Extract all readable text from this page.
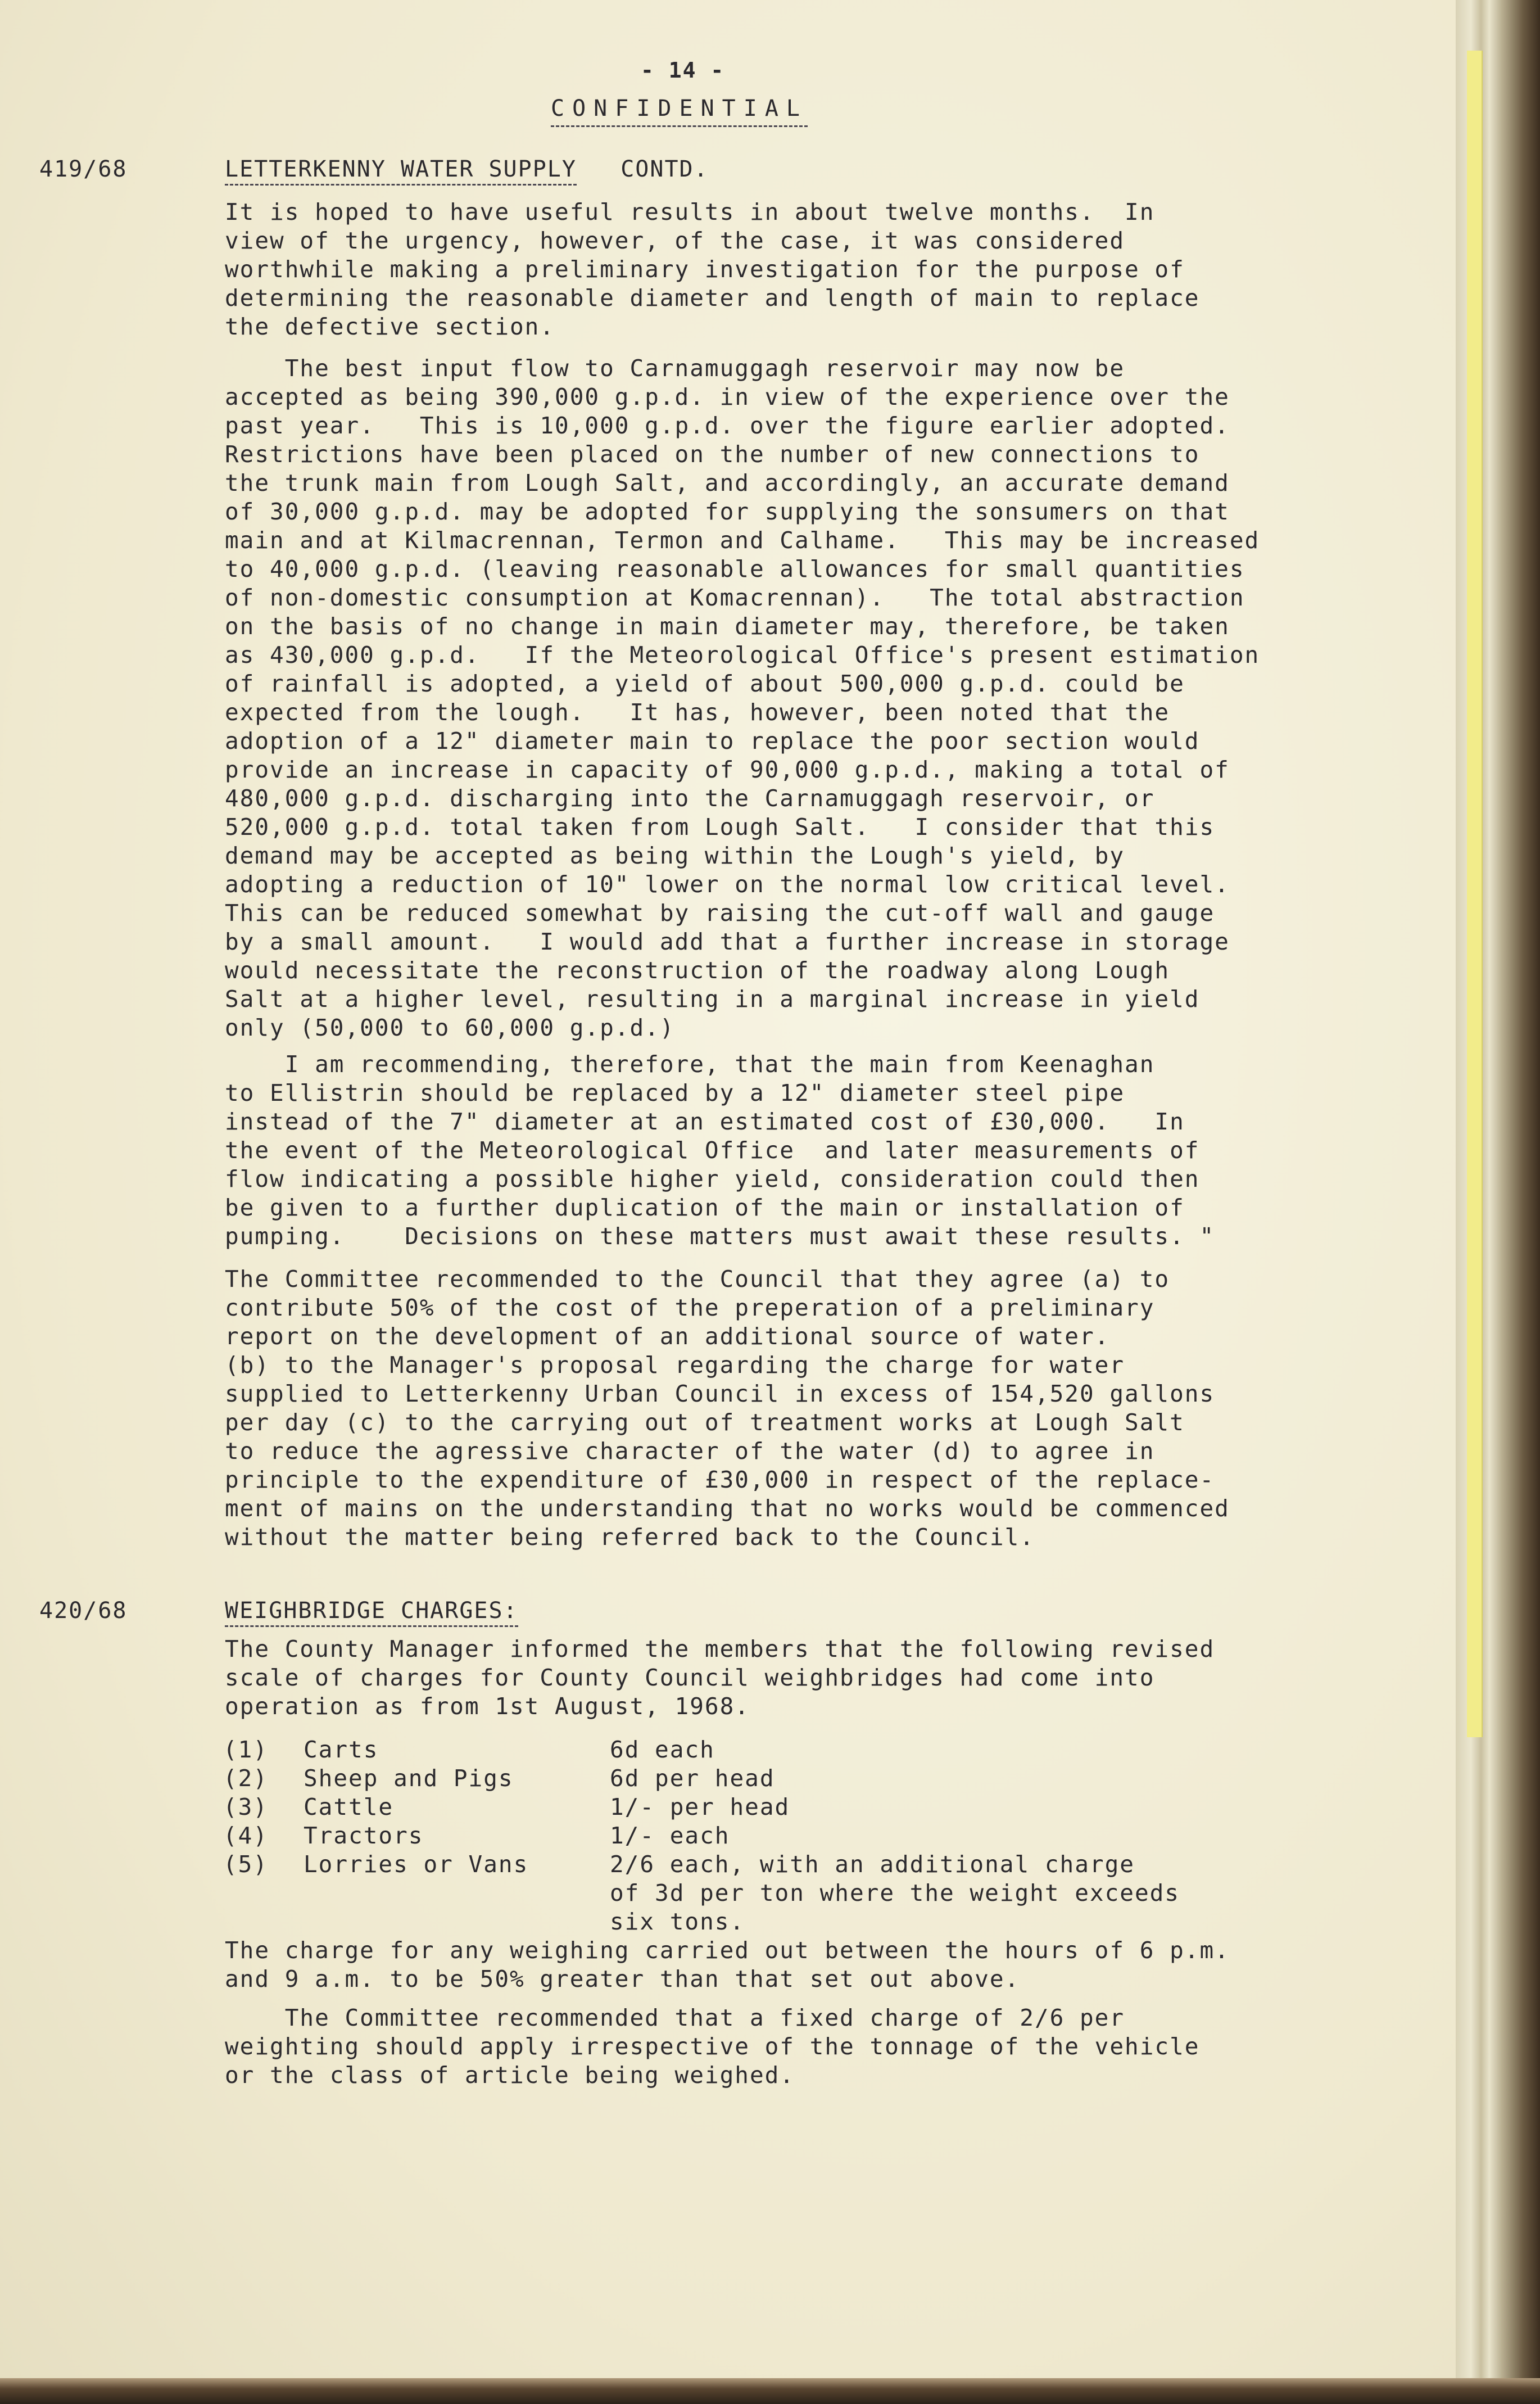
- 14 -

CONFIDENTIAL

419/68	LETTERKENNY WATER SUPPLY CONTD.

It is hoped to have useful results in about twelve months.  In
view of the urgency, however, of the case, it was considered
worthwhile making a preliminary investigation for the purpose of
determining the reasonable diameter and length of main to replace
the defective section.

The best input flow to Carnamuggagh reservoir may now be
accepted as being 390,000 g.p.d. in view of the experience over the
past year.   This is 10,000 g.p.d. over the figure earlier adopted.
Restrictions have been placed on the number of new connections to
the trunk main from Lough Salt, and accordingly, an accurate demand
of 30,000 g.p.d. may be adopted for supplying the sonsumers on that
main and at Kilmacrennan, Termon and Calhame.   This may be increased
to 40,000 g.p.d. (leaving reasonable allowances for small quantities
of non-domestic consumption at Komacrennan).   The total abstraction
on the basis of no change in main diameter may, therefore, be taken
as 430,000 g.p.d.   If the Meteorological Office's present estimation
of rainfall is adopted, a yield of about 500,000 g.p.d. could be
expected from the lough.   It has, however, been noted that the
adoption of a 12" diameter main to replace the poor section would
provide an increase in capacity of 90,000 g.p.d., making a total of
480,000 g.p.d. discharging into the Carnamuggagh reservoir, or
520,000 g.p.d. total taken from Lough Salt.   I consider that this
demand may be accepted as being within the Lough's yield, by
adopting a reduction of 10" lower on the normal low critical level.
This can be reduced somewhat by raising the cut-off wall and gauge
by a small amount.   I would add that a further increase in storage
would necessitate the reconstruction of the roadway along Lough
Salt at a higher level, resulting in a marginal increase in yield
only (50,000 to 60,000 g.p.d.)

I am recommending, therefore, that the main from Keenaghan
to Ellistrin should be replaced by a 12" diameter steel pipe
instead of the 7" diameter at an estimated cost of £30,000.   In
the event of the Meteorological Office  and later measurements of
flow indicating a possible higher yield, consideration could then
be given to a further duplication of the main or installation of
pumping.    Decisions on these matters must await these results. "

The Committee recommended to the Council that they agree (a) to
contribute 50% of the cost of the preperation of a preliminary
report on the development of an additional source of water.
(b) to the Manager's proposal regarding the charge for water
supplied to Letterkenny Urban Council in excess of 154,520 gallons
per day (c) to the carrying out of treatment works at Lough Salt
to reduce the agressive character of the water (d) to agree in
principle to the expenditure of £30,000 in respect of the replace-
ment of mains on the understanding that no works would be commenced
without the matter being referred back to the Council.

420/68	WEIGHBRIDGE CHARGES:

The County Manager informed the members that the following revised
scale of charges for County Council weighbridges had come into
operation as from 1st August, 1968.

(1) Carts	6d each

(2) Sheep and Pigs	6d per head

(3) Cattle	1/- per head

(4) Tractors	1/- each

(5) Lorries or Vans	2/6 each, with an additional charge
of 3d per ton where the weight exceeds
six tons.

The charge for any weighing carried out between the hours of 6 p.m.
and 9 a.m. to be 50% greater than that set out above.

The Committee recommended that a fixed charge of 2/6 per
weighting should apply irrespective of the tonnage of the vehicle
or the class of article being weighed.
